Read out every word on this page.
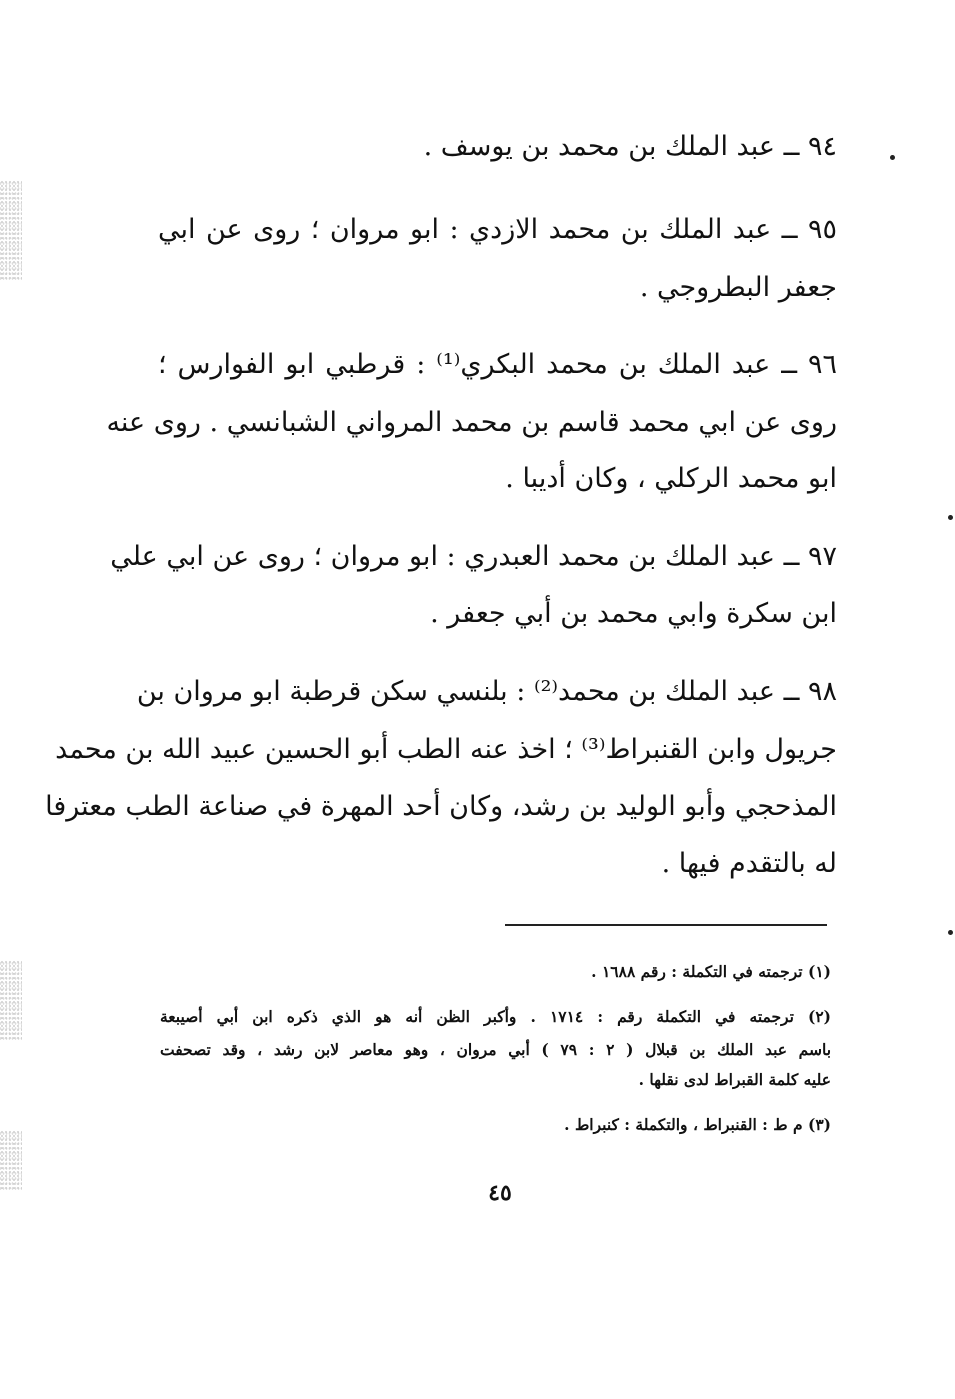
٩٤ ــ عبد الملك بن محمد بن يوسف .
٩٥ ــ عبد الملك بن محمد الازدي : ابو مروان ؛ روى عن ابي
جعفر البطروجي .
٩٦ ــ عبد الملك بن محمد البكري⁽¹⁾ : قرطبي ابو الفوارس ؛
روى عن ابي محمد قاسم بن محمد المرواني الشبانسي . روى عنه
ابو محمد الركلي ، وكان أديبا .
٩٧ ــ عبد الملك بن محمد العبدري : ابو مروان ؛ روى عن ابي علي
ابن سكرة وابي محمد بن أبي جعفر .
٩٨ ــ عبد الملك بن محمد⁽²⁾ : بلنسي سكن قرطبة ابو مروان بن
جريول وابن القنبراط⁽³⁾ ؛ اخذ عنه الطب أبو الحسين عبيد الله بن محمد
المذحجي وأبو الوليد بن رشد، وكان أحد المهرة في صناعة الطب معترفا
له بالتقدم فيها .
(١) ترجمته في التكملة : رقم ١٦٨٨ .
(٢) ترجمته في التكملة رقم : ١٧١٤ . وأكبر الظن أنه هو الذي ذكره ابن أبي أصيبعة
باسم عبد الملك بن قبلال ( ٢ : ٧٩ ) أبي مروان ، وهو معاصر لابن رشد ، وقد تصحفت
عليه كلمة القبراط لدى نقلها .
(٣) م ط : القنبراط ، والتكملة : كنبراط .
٤٥
